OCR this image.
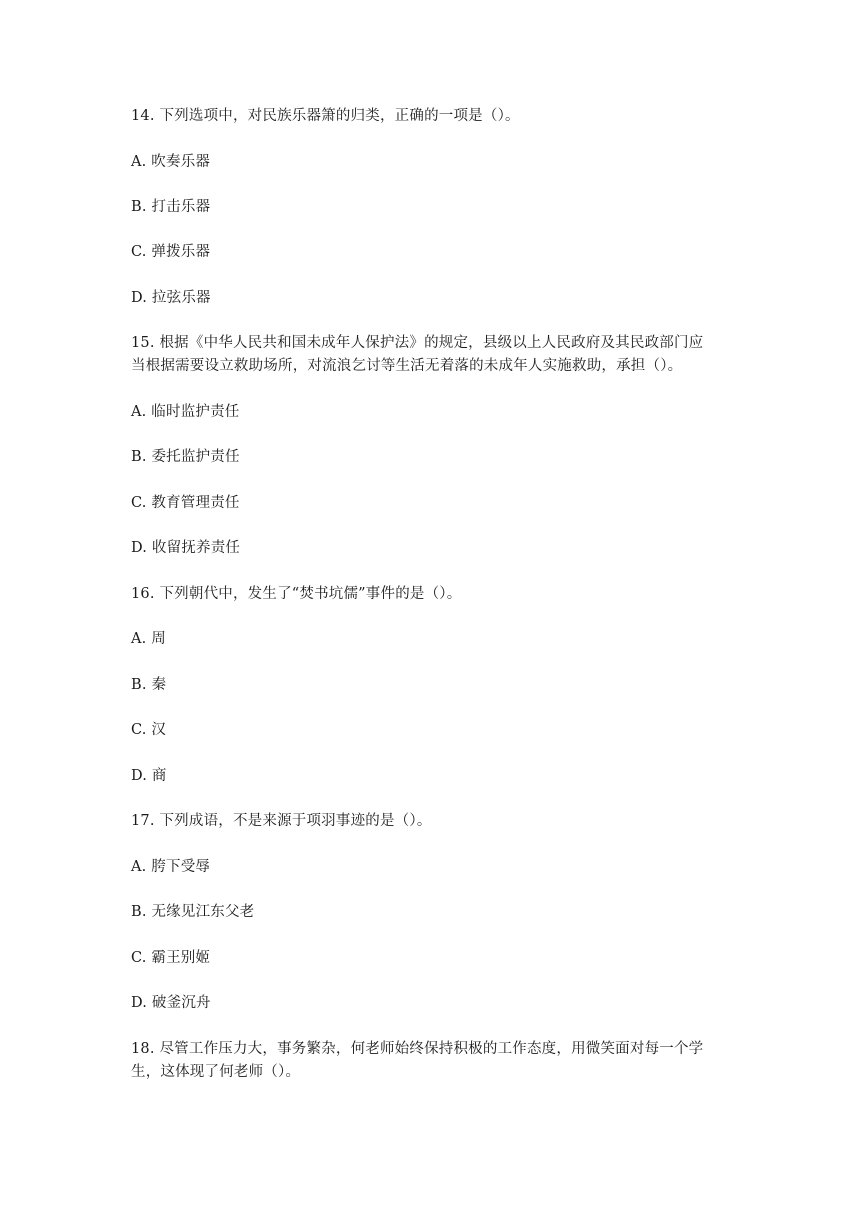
14. 下列选项中，对民族乐器箫的归类，正确的一项是（）。
A. 吹奏乐器
B. 打击乐器
C. 弹拨乐器
D. 拉弦乐器
15. 根据《中华人民共和国未成年人保护法》的规定，县级以上人民政府及其民政部门应
当根据需要设立救助场所，对流浪乞讨等生活无着落的未成年人实施救助，承担（）。
A. 临时监护责任
B. 委托监护责任
C. 教育管理责任
D. 收留抚养责任
16. 下列朝代中，发生了“焚书坑儒”事件的是（）。
A. 周
B. 秦
C. 汉
D. 商
17. 下列成语，不是来源于项羽事迹的是（）。
A. 胯下受辱
B. 无缘见江东父老
C. 霸王别姬
D. 破釜沉舟
18. 尽管工作压力大，事务繁杂，何老师始终保持积极的工作态度，用微笑面对每一个学
生，这体现了何老师（）。
